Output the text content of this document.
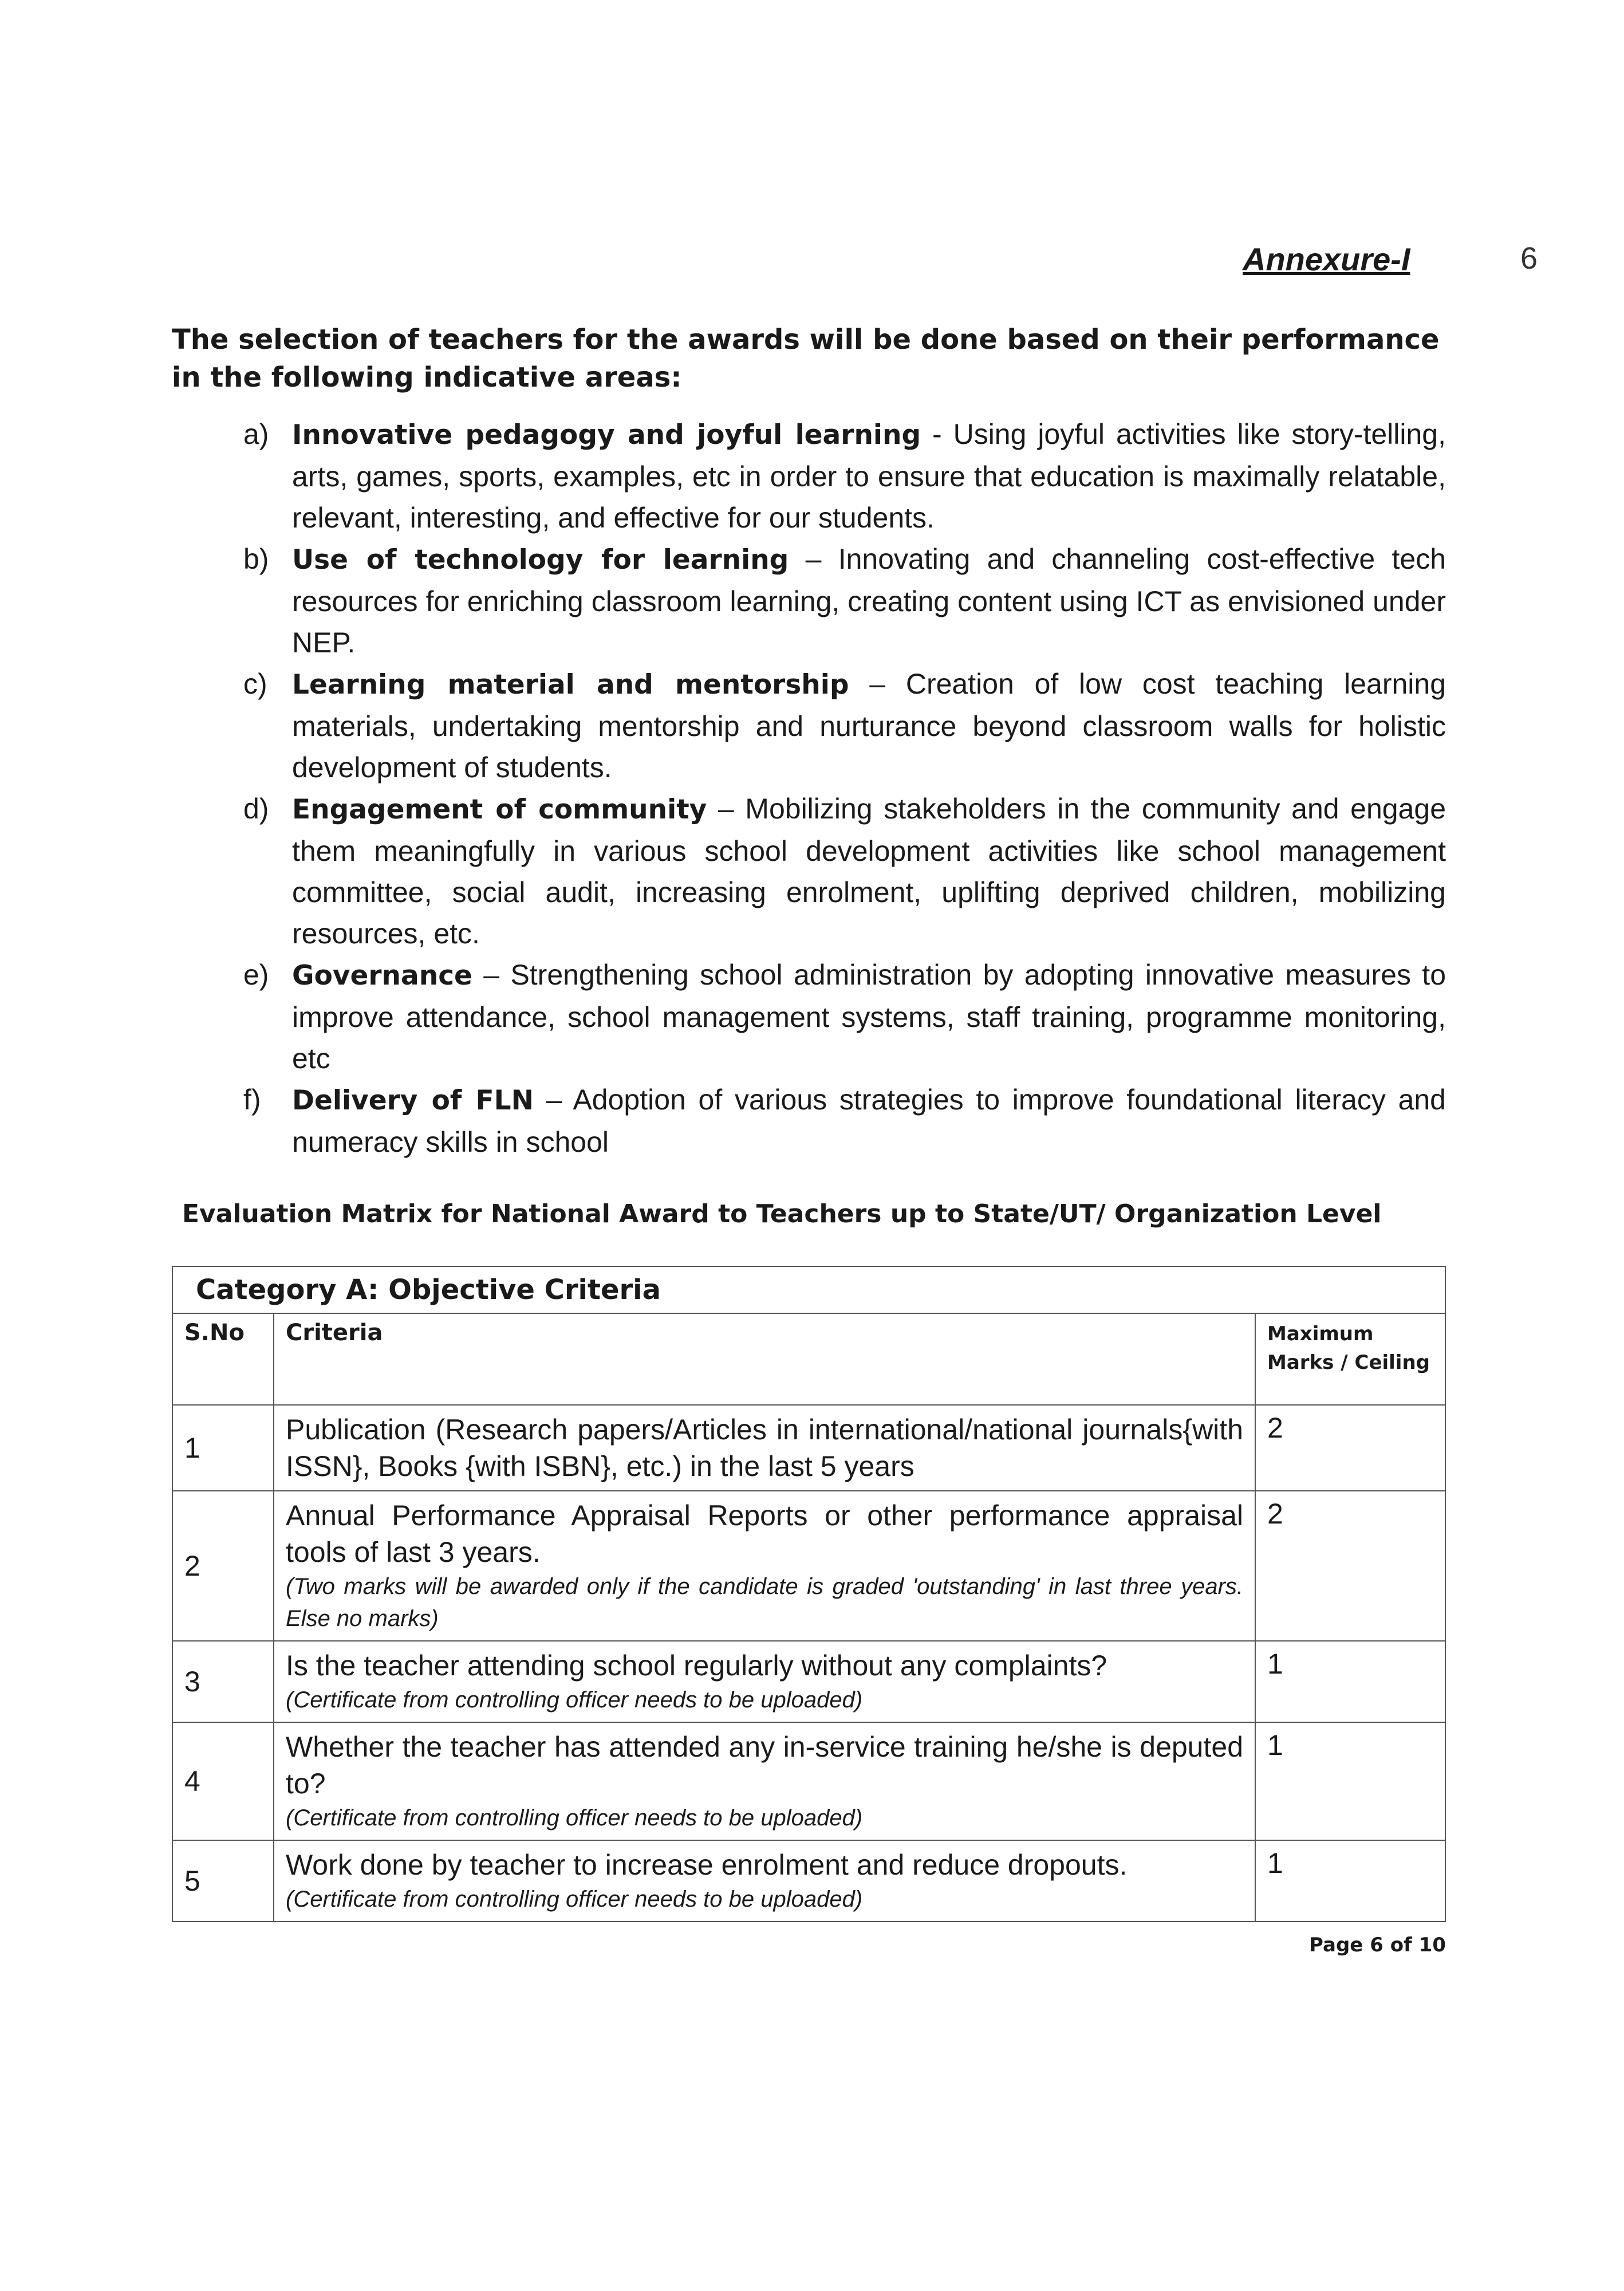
Annexure-I	6
The selection of teachers for the awards will be done based on their performance in the following indicative areas:
a) Innovative pedagogy and joyful learning - Using joyful activities like story-telling, arts, games, sports, examples, etc in order to ensure that education is maximally relatable, relevant, interesting, and effective for our students.
b) Use of technology for learning – Innovating and channeling cost-effective tech resources for enriching classroom learning, creating content using ICT as envisioned under NEP.
c) Learning material and mentorship – Creation of low cost teaching learning materials, undertaking mentorship and nurturance beyond classroom walls for holistic development of students.
d) Engagement of community – Mobilizing stakeholders in the community and engage them meaningfully in various school development activities like school management committee, social audit, increasing enrolment, uplifting deprived children, mobilizing resources, etc.
e) Governance – Strengthening school administration by adopting innovative measures to improve attendance, school management systems, staff training, programme monitoring, etc
f)	Delivery of FLN – Adoption of various strategies to improve foundational literacy and numeracy skills in school
Evaluation Matrix for National Award to Teachers up to State/UT/ Organization Level
Category A: Objective Criteria		
S.No	Criteria	Maximum Marks / Ceiling
1	Publication (Research papers/Articles in international/national journals{with ISSN}, Books {with ISBN}, etc.) in the last 5 years	2
2	Annual Performance Appraisal Reports or other performance appraisal tools of last 3 years.
(Two marks will be awarded only if the candidate is graded 'outstanding' in last three years. Else no marks)	2
3	Is the teacher attending school regularly without any complaints?
(Certificate from controlling officer needs to be uploaded)	1
4	Whether the teacher has attended any in-service training he/she is deputed to?
(Certificate from controlling officer needs to be uploaded)	1
5	Work done by teacher to increase enrolment and reduce dropouts.
(Certificate from controlling officer needs to be uploaded)	1
Page 6 of 10
